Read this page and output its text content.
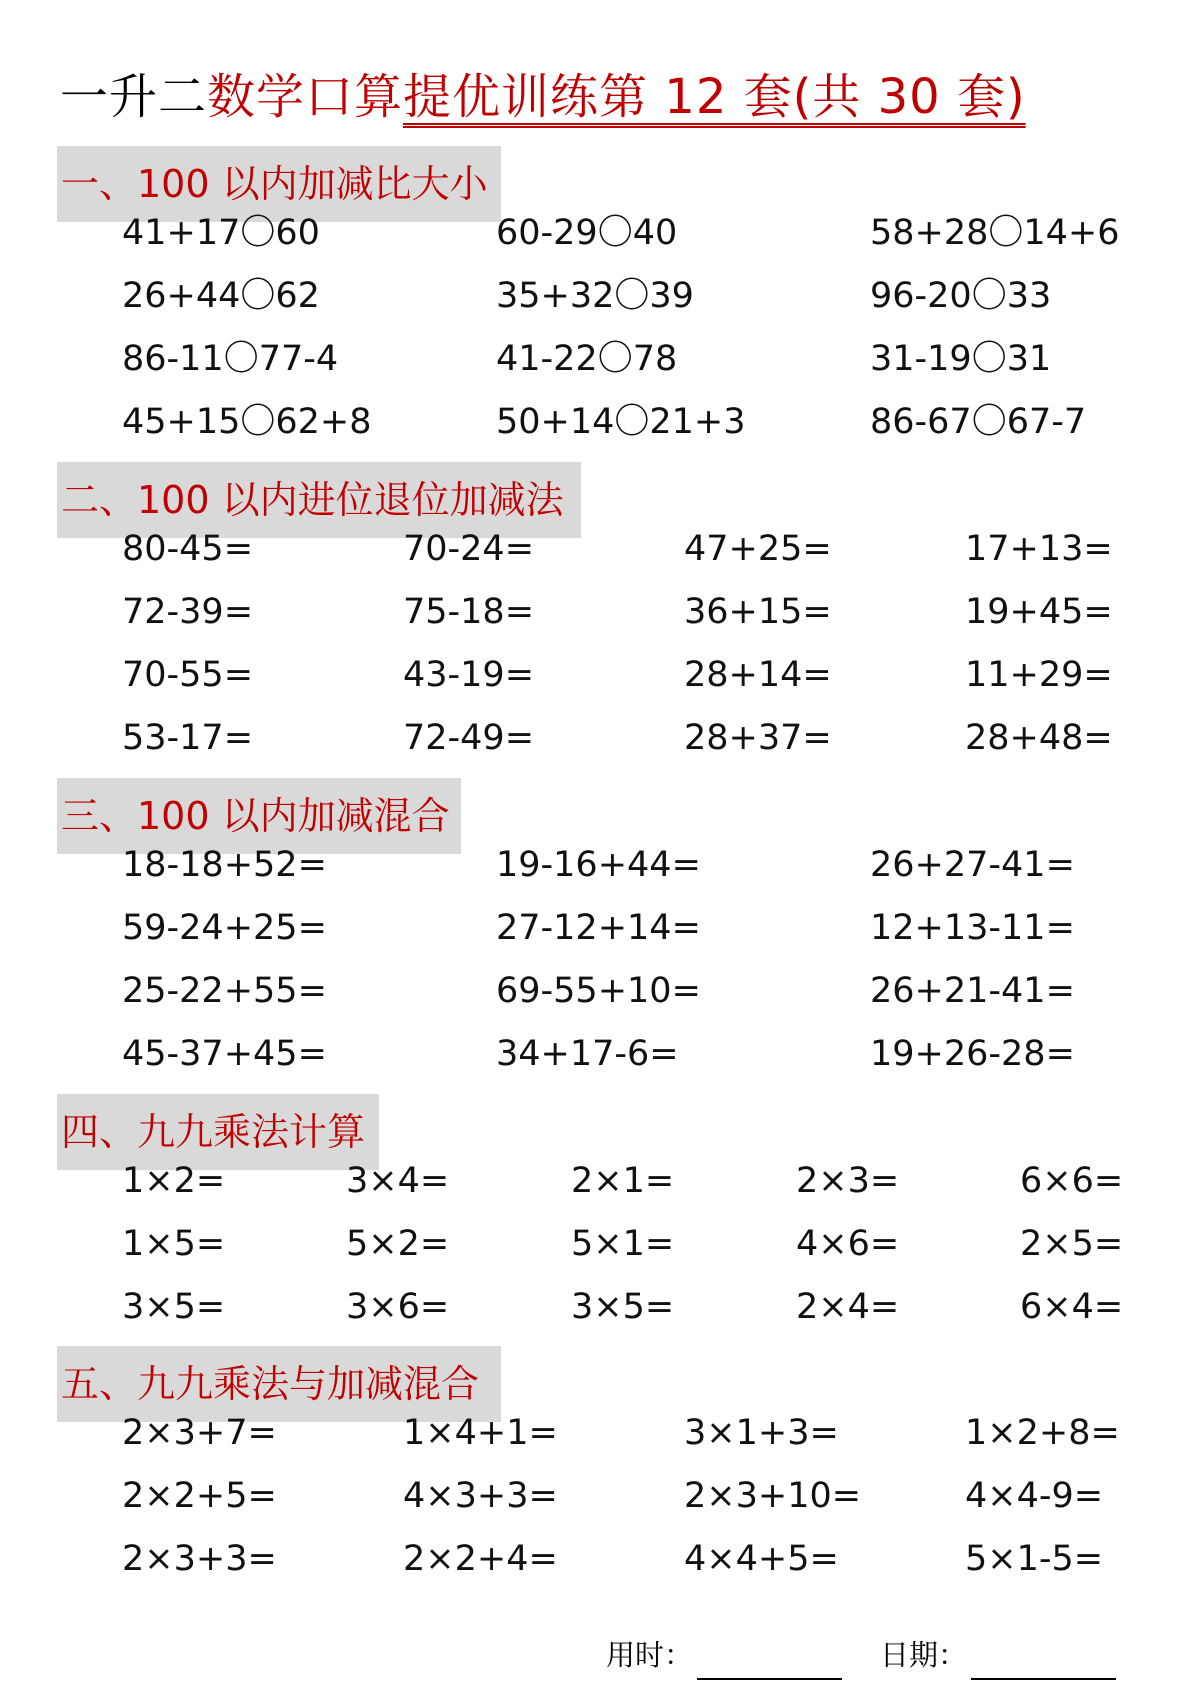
一升二数学口算提优训练第 12 套(共 30 套)
一、100 以内加减比大小
41+17〇60	60-29〇40	58+28〇14+6
26+44〇62	35+32〇39	96-20〇33
86-11〇77-4	41-22〇78	31-19〇31
45+15〇62+8	50+14〇21+3	86-67〇67-7
二、100 以内进位退位加减法
80-45=	70-24=	47+25=	17+13=
72-39=	75-18=	36+15=	19+45=
70-55=	43-19=	28+14=	11+29=
53-17=	72-49=	28+37=	28+48=
三、100 以内加减混合
18-18+52=	19-16+44=	26+27-41=
59-24+25=	27-12+14=	12+13-11=
25-22+55=	69-55+10=	26+21-41=
45-37+45=	34+17-6=	19+26-28=
四、九九乘法计算
1×2=	3×4=	2×1=	2×3=	6×6=
1×5=	5×2=	5×1=	4×6=	2×5=
3×5=	3×6=	3×5=	2×4=	6×4=
五、九九乘法与加减混合
2×3+7=	1×4+1=	3×1+3=	1×2+8=
2×2+5=	4×3+3=	2×3+10=	4×4-9=
2×3+3=	2×2+4=	4×4+5=	5×1-5=
用时：	日期：
